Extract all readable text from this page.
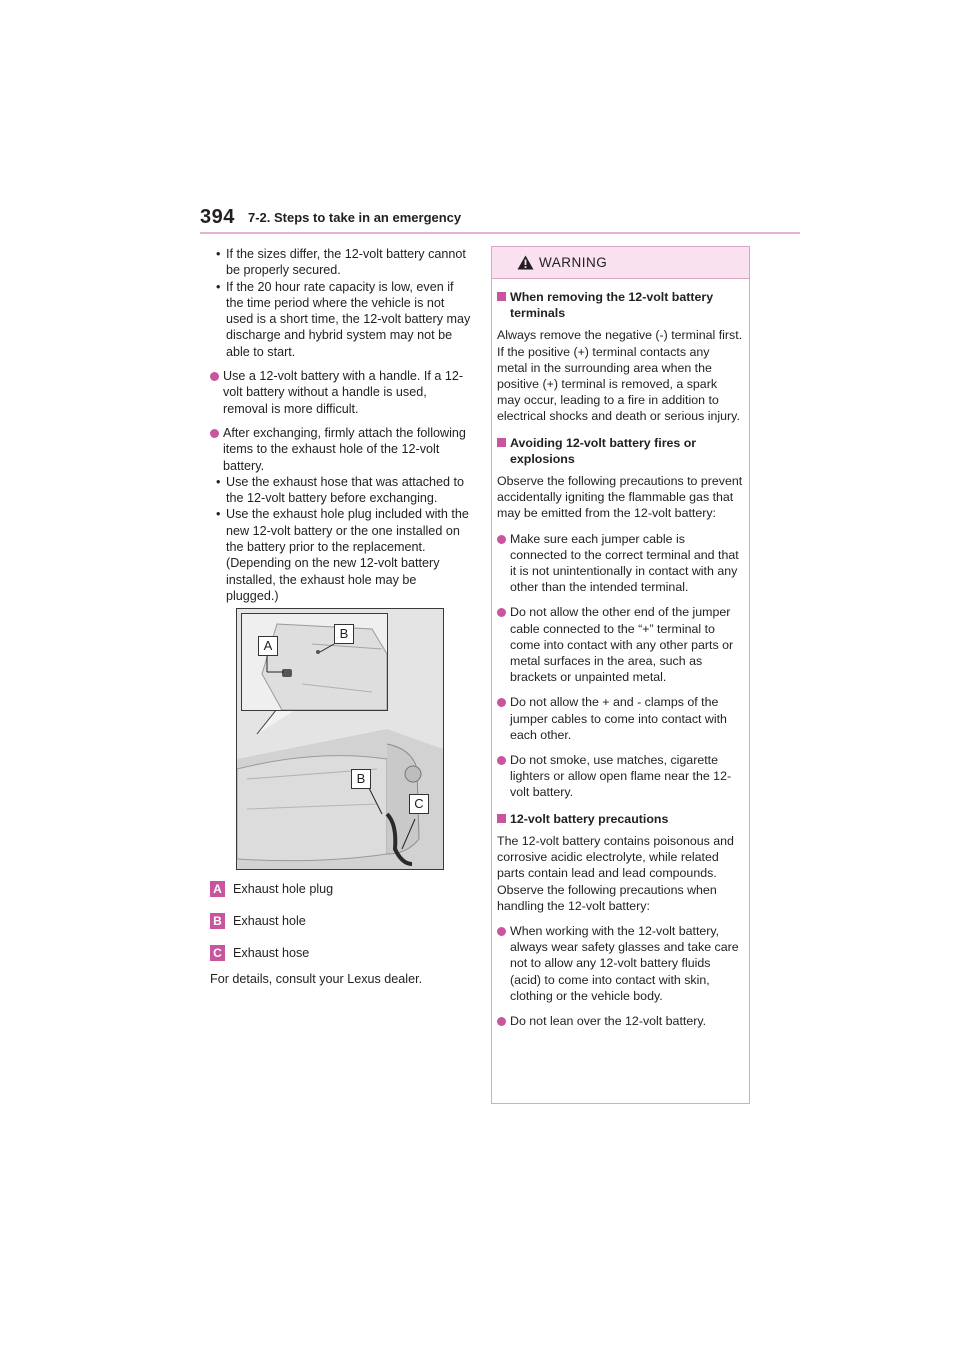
394 7-2. Steps to take in an emergency
• If the sizes differ, the 12-volt battery cannot be properly secured.
• If the 20 hour rate capacity is low, even if the time period where the vehicle is not used is a short time, the 12-volt battery may discharge and hybrid system may not be able to start.
Use a 12-volt battery with a handle. If a 12-volt battery without a handle is used, removal is more difficult.
After exchanging, firmly attach the following items to the exhaust hole of the 12-volt battery.
• Use the exhaust hose that was attached to the 12-volt battery before exchanging.
• Use the exhaust hole plug included with the new 12-volt battery or the one installed on the battery prior to the replacement. (Depending on the new 12-volt battery installed, the exhaust hole may be plugged.)
A
B
B
C
A Exhaust hole plug
B Exhaust hole
C Exhaust hose
For details, consult your Lexus dealer.
WARNING
When removing the 12-volt battery terminals
Always remove the negative (-) terminal first. If the positive (+) terminal contacts any metal in the surrounding area when the positive (+) terminal is removed, a spark may occur, leading to a fire in addition to electrical shocks and death or serious injury.
Avoiding 12-volt battery fires or explosions
Observe the following precautions to prevent accidentally igniting the flammable gas that may be emitted from the 12-volt battery:
Make sure each jumper cable is connected to the correct terminal and that it is not unintentionally in contact with any other than the intended terminal.
Do not allow the other end of the jumper cable connected to the “+” terminal to come into contact with any other parts or metal surfaces in the area, such as brackets or unpainted metal.
Do not allow the + and - clamps of the jumper cables to come into contact with each other.
Do not smoke, use matches, cigarette lighters or allow open flame near the 12-volt battery.
12-volt battery precautions
The 12-volt battery contains poisonous and corrosive acidic electrolyte, while related parts contain lead and lead compounds. Observe the following precautions when handling the 12-volt battery:
When working with the 12-volt battery, always wear safety glasses and take care not to allow any 12-volt battery fluids (acid) to come into contact with skin, clothing or the vehicle body.
Do not lean over the 12-volt battery.
